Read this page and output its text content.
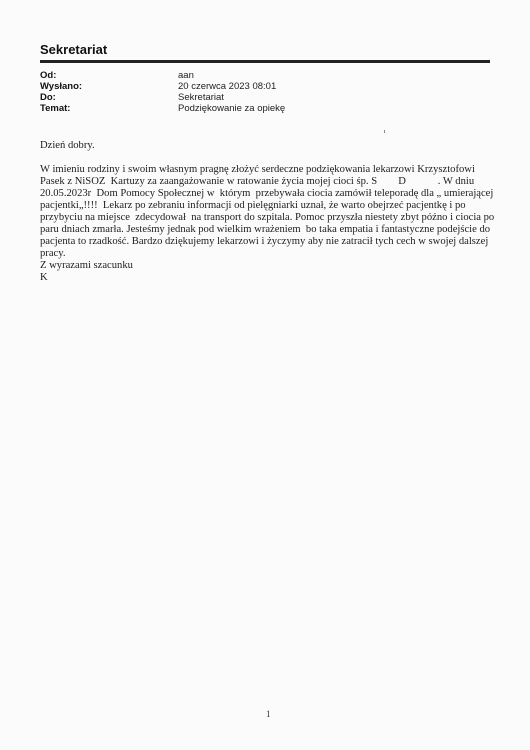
Sekretariat
Od:	aan
Wysłano:	20 czerwca 2023 08:01
Do:	Sekretariat
Temat:	Podziękowanie za opiekę

Dzień dobry.

W imieniu rodziny i swoim własnym pragnę złożyć serdeczne podziękowania lekarzowi Krzysztofowi Pasek z NiSOZ  Kartuzy za zaangażowanie w ratowanie życia mojej cioci śp. S        D            . W dniu 20.05.2023r  Dom Pomocy Społecznej w  którym  przebywała ciocia zamówił teleporadę dla „ umierającej pacjentki„!!!!  Lekarz po zebraniu informacji od pielęgniarki uznał, że warto obejrzeć pacjentkę i po przybyciu na miejsce  zdecydował  na transport do szpitala. Pomoc przyszła niestety zbyt późno i ciocia po paru dniach zmarła. Jesteśmy jednak pod wielkim wrażeniem  bo taka empatia i fantastyczne podejście do pacjenta to rzadkość. Bardzo dziękujemy lekarzowi i życzymy aby nie zatracił tych cech w swojej dalszej pracy.

Z wyrazami szacunku

K

1
